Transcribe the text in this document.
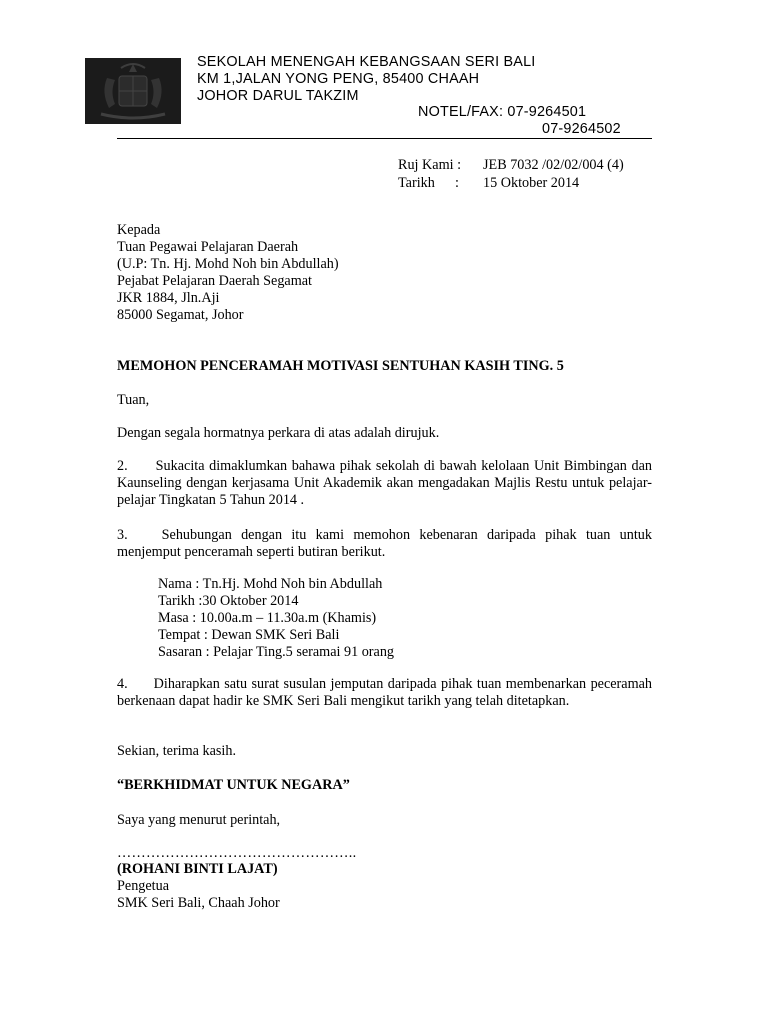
SEKOLAH MENENGAH KEBANGSAAN SERI BALI
KM 1,JALAN YONG PENG, 85400 CHAAH
JOHOR DARUL TAKZIM
NOTEL/FAX: 07-9264501
07-9264502
Ruj Kami :	JEB 7032 /02/02/004 (4)
Tarikh	:	15 Oktober 2014
Kepada
Tuan Pegawai Pelajaran Daerah
(U.P: Tn. Hj. Mohd Noh bin Abdullah)
Pejabat Pelajaran Daerah Segamat
JKR 1884, Jln.Aji
85000 Segamat, Johor
MEMOHON PENCERAMAH MOTIVASI SENTUHAN KASIH TING. 5
Tuan,
Dengan segala hormatnya perkara di atas adalah dirujuk.
2. Sukacita dimaklumkan bahawa pihak sekolah di bawah kelolaan Unit Bimbingan dan Kaunseling dengan kerjasama Unit Akademik akan mengadakan Majlis Restu untuk pelajar-pelajar Tingkatan 5 Tahun 2014 .
3. Sehubungan dengan itu kami memohon kebenaran daripada pihak tuan untuk menjemput penceramah seperti butiran berikut.
Nama : Tn.Hj. Mohd Noh bin Abdullah
Tarikh :30 Oktober 2014
Masa : 10.00a.m – 11.30a.m (Khamis)
Tempat : Dewan SMK Seri Bali
Sasaran : Pelajar Ting.5 seramai 91 orang
4. Diharapkan satu surat susulan jemputan daripada pihak tuan membenarkan peceramah berkenaan dapat hadir ke SMK Seri Bali mengikut tarikh yang telah ditetapkan.
Sekian, terima kasih.
“BERKHIDMAT UNTUK NEGARA”
Saya yang menurut perintah,
…………………………………………..
(ROHANI BINTI LAJAT)
Pengetua
SMK Seri Bali, Chaah Johor
